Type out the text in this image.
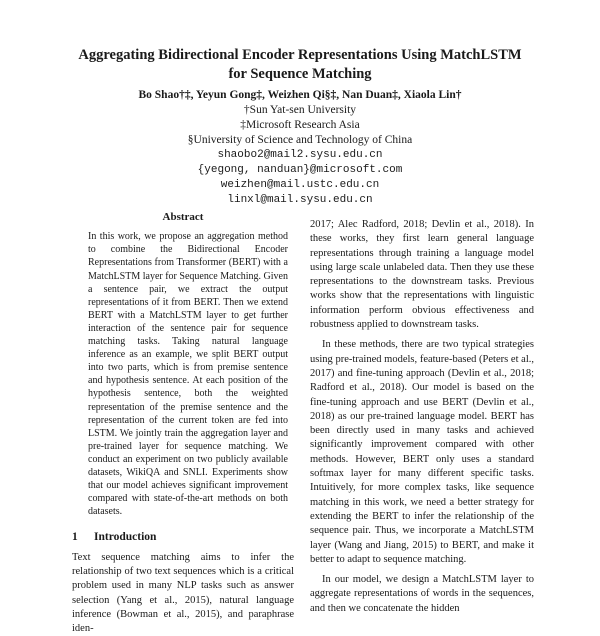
Aggregating Bidirectional Encoder Representations Using MatchLSTM
for Sequence Matching
Bo Shao†‡, Yeyun Gong‡, Weizhen Qi§‡, Nan Duan‡, Xiaola Lin†
†Sun Yat-sen University
‡Microsoft Research Asia
§University of Science and Technology of China
shaobo2@mail2.sysu.edu.cn
{yegong, nanduan}@microsoft.com
weizhen@mail.ustc.edu.cn
linxl@mail.sysu.edu.cn
Abstract

In this work, we propose an aggregation method to combine the Bidirectional Encoder Representations from Transformer (BERT) with a MatchLSTM layer for Sequence Matching. Given a sentence pair, we extract the output representations of it from BERT. Then we extend BERT with a MatchLSTM layer to get further interaction of the sentence pair for sequence matching tasks. Taking natural language inference as an example, we split BERT output into two parts, which is from premise sentence and hypothesis sentence. At each position of the hypothesis sentence, both the weighted representation of the premise sentence and the representation of the current token are fed into LSTM. We jointly train the aggregation layer and pre-trained layer for sequence matching. We conduct an experiment on two publicly available datasets, WikiQA and SNLI. Experiments show that our model achieves significant improvement compared with state-of-the-art methods on both datasets.

1 Introduction

Text sequence matching aims to infer the relationship of two text sequences which is a critical problem used in many NLP tasks such as answer selection (Yang et al., 2015), natural language inference (Bowman et al., 2015), and paraphrase iden-

2017; Alec Radford, 2018; Devlin et al., 2018). In these works, they first learn general language representations through training a language model using large scale unlabeled data. Then they use these representations to the downstream tasks. Previous works show that the representations with linguistic information perform obvious effectiveness and robustness applied to downstream tasks.

In these methods, there are two typical strategies using pre-trained models, feature-based (Peters et al., 2017) and fine-tuning approach (Devlin et al., 2018; Radford et al., 2018). Our model is based on the fine-tuning approach and use BERT (Devlin et al., 2018) as our pre-trained language model. BERT has been directly used in many tasks and achieved significantly improvement compared with other methods. However, BERT only uses a standard softmax layer for many different specific tasks. Intuitively, for more complex tasks, like sequence matching in this work, we need a better strategy for extending the BERT to infer the relationship of the sequence pair. Thus, we incorporate a MatchLSTM layer (Wang and Jiang, 2015) to BERT, and make it better to adapt to sequence matching.

In our model, we design a MatchLSTM layer to aggregate representations of words in the sequences, and then we concatenate the hidden
